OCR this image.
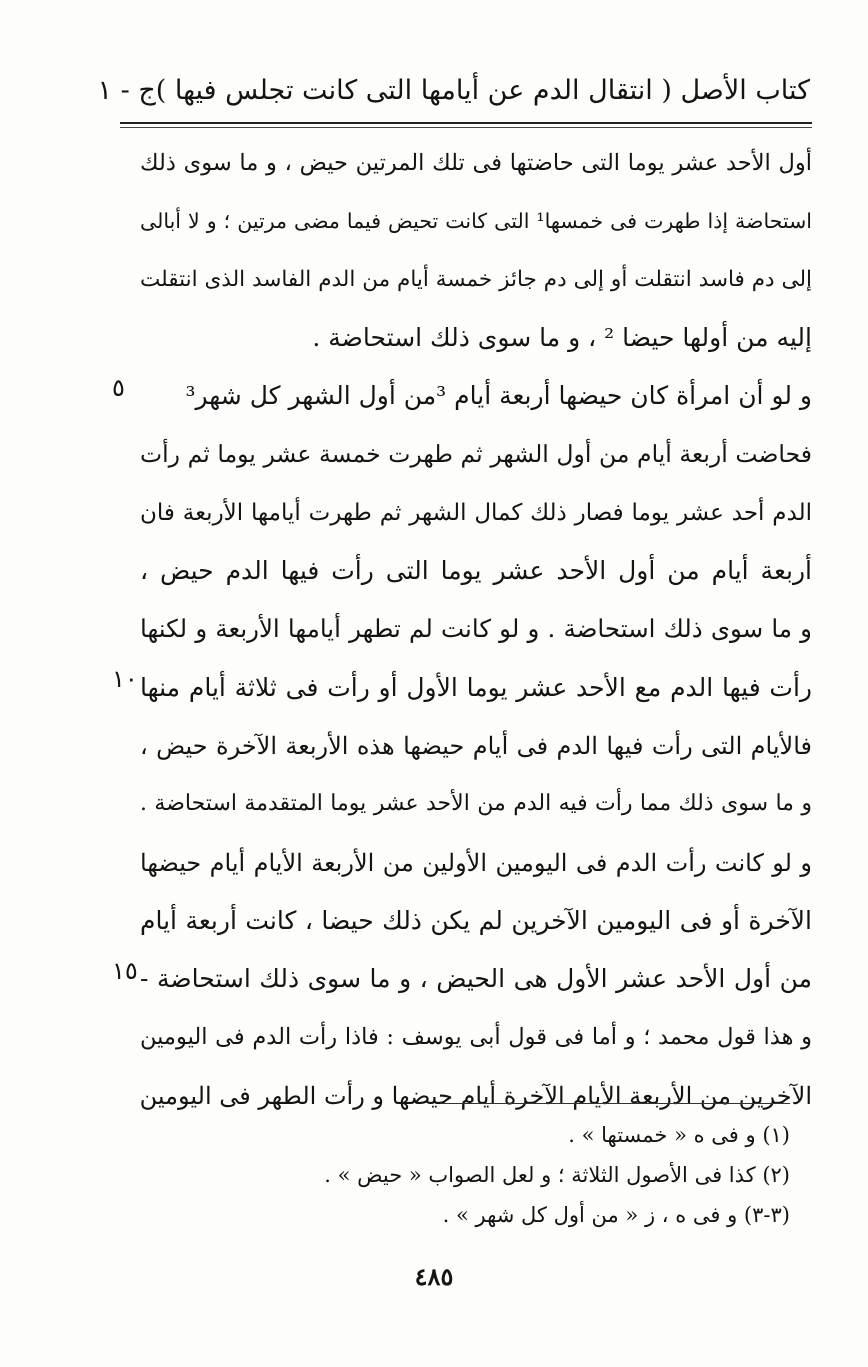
كتاب الأصل ( انتقال الدم عن أيامها التى كانت تجلس فيها )
ج - ١
أول الأحد عشر يوما التى حاضتها فى تلك المرتين حيض ، و ما سوى ذلك
استحاضة إذا طهرت فى خمسها¹ التى كانت تحيض فيما مضى مرتين ؛ و لا أبالى
إلى دم فاسد انتقلت أو إلى دم جائز خمسة أيام من الدم الفاسد الذى انتقلت
إليه من أولها حيضا ² ، و ما سوى ذلك استحاضة .
و لو أن امرأة كان حيضها أربعة أيام ³من أول الشهر كل شهر³
فحاضت أربعة أيام من أول الشهر ثم طهرت خمسة عشر يوما ثم رأت
الدم أحد عشر يوما فصار ذلك كمال الشهر ثم طهرت أيامها الأربعة فان
أربعة أيام من أول الأحد عشر يوما التى رأت فيها الدم حيض ،
و ما سوى ذلك استحاضة . و لو كانت لم تطهر أيامها الأربعة و لكنها
رأت فيها الدم مع الأحد عشر يوما الأول أو رأت فى ثلاثة أيام منها
فالأيام التى رأت فيها الدم فى أيام حيضها هذه الأربعة الآخرة حيض ،
و ما سوى ذلك مما رأت فيه الدم من الأحد عشر يوما المتقدمة استحاضة .
و لو كانت رأت الدم فى اليومين الأولين من الأربعة الأيام أيام حيضها
الآخرة أو فى اليومين الآخرين لم يكن ذلك حيضا ، كانت أربعة أيام
من أول الأحد عشر الأول هى الحيض ، و ما سوى ذلك استحاضة -
و هذا قول محمد ؛ و أما فى قول أبى يوسف : فاذا رأت الدم فى اليومين
الآخرين من الأربعة الأيام الآخرة أيام حيضها و رأت الطهر فى اليومين
٥
١٠
١٥
(١) و فى ه « خمستها » .
(٢) كذا فى الأصول الثلاثة ؛ و لعل الصواب « حيض » .
(٣-٣) و فى ه ، ز « من أول كل شهر » .
٤٨٥
